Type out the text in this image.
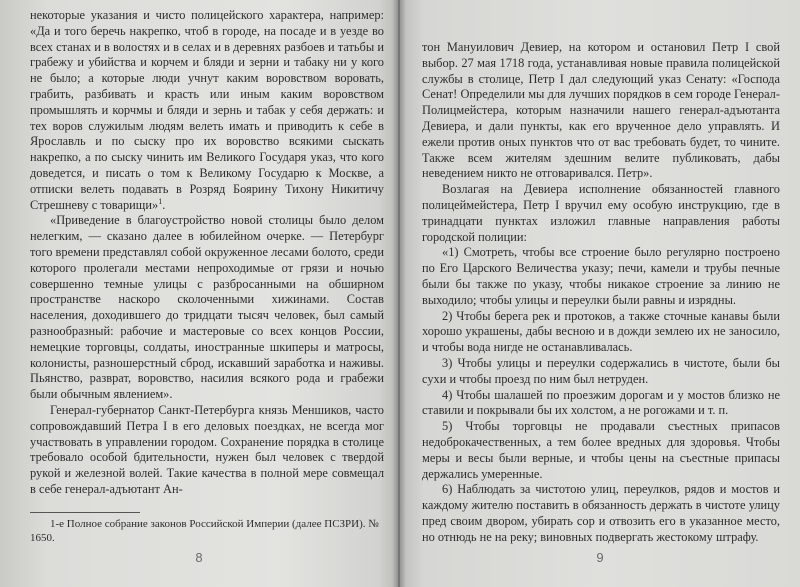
некоторые указания и чисто полицейского характера, например: «Да и того беречь накрепко, чтоб в городе, на посаде и в уезде во всех станах и в волостях и в селах и в деревнях разбоев и татьбы и грабежу и убийства и корчем и бляди и зерни и табаку ни у кого не было; а которые люди учнут каким воровством воровать, грабить, разбивать и красть или иным каким воровством промышлять и корчмы и бляди и зернь и табак у себя держать: и тех воров служилым людям велеть имать и приводить к себе в Ярославль и по сыску про их воровство всякими сыскать накрепко, а по сыску чинить им Великого Государя указ, что кого доведется, и писать о том к Великому Государю к Москве, а отписки велеть подавать в Розряд Боярину Тихону Никитичу Стрешневу с товарищи»$^1$.

«Приведение в благоустройство новой столицы было делом нелегким, — сказано далее в юбилейном очерке. — Петербург того времени представлял собой окруженное лесами болото, среди которого пролегали местами непроходимые от грязи и ночью совершенно темные улицы с разбросанными на обширном пространстве наскоро сколоченными хижинами. Состав населения, доходившего до тридцати тысяч человек, был самый разнообразный: рабочие и мастеровые со всех концов России, немецкие торговцы, солдаты, иностранные шкиперы и матросы, колонисты, разношерстный сброд, искавший заработка и наживы. Пьянство, разврат, воровство, насилия всякого рода и грабежи были обычным явлением».

Генерал-губернатор Санкт-Петербурга князь Меншиков, часто сопровождавший Петра I в его деловых поездках, не всегда мог участвовать в управлении городом. Сохранение порядка в столице требовало особой бдительности, нужен был человек с твердой рукой и железной волей. Такие качества в полной мере совмещал в себе генерал-адъютант Ан-

1-е Полное собрание законов Российской Империи (далее ПСЗРИ). № 1650.

8

тон Мануилович Девиер, на котором и остановил Петр I свой выбор. 27 мая 1718 года, устанавливая новые правила полицейской службы в столице, Петр I дал следующий указ Сенату: «Господа Сенат! Определили мы для лучших порядков в сем городе Генерал-Полицмейстера, которым назначили нашего генерал-адъютанта Девиера, и дали пункты, как его врученное дело управлять. И ежели против оных пунктов что от вас требовать будет, то чините. Также всем жителям здешним велите публиковать, дабы неведением никто не отговаривался. Петр».

Возлагая на Девиера исполнение обязанностей главного полицеймейстера, Петр I вручил ему особую инструкцию, где в тринадцати пунктах изложил главные направления работы городской полиции:

«1) Смотреть, чтобы все строение было регулярно построено по Его Царского Величества указу; печи, камели и трубы печные были бы также по указу, чтобы никакое строение за линию не выходило; чтобы улицы и переулки были равны и изрядны.

2) Чтобы берега рек и протоков, а также сточные канавы были хорошо украшены, дабы весною и в дожди землею их не заносило, и чтобы вода нигде не останавливалась.

3) Чтобы улицы и переулки содержались в чистоте, были бы сухи и чтобы проезд по ним был нетруден.

4) Чтобы шалашей по проезжим дорогам и у мостов близко не ставили и покрывали бы их холстом, а не рогожами и т. п.

5) Чтобы торговцы не продавали съестных припасов недоброкачественных, а тем более вредных для здоровья. Чтобы меры и весы были верные, и чтобы цены на съестные припасы держались умеренные.

6) Наблюдать за чистотою улиц, переулков, рядов и мостов и каждому жителю поставить в обязанность держать в чистоте улицу пред своим двором, убирать сор и отвозить его в указанное место, но отнюдь не на реку; виновных подвергать жестокому штрафу.

9
